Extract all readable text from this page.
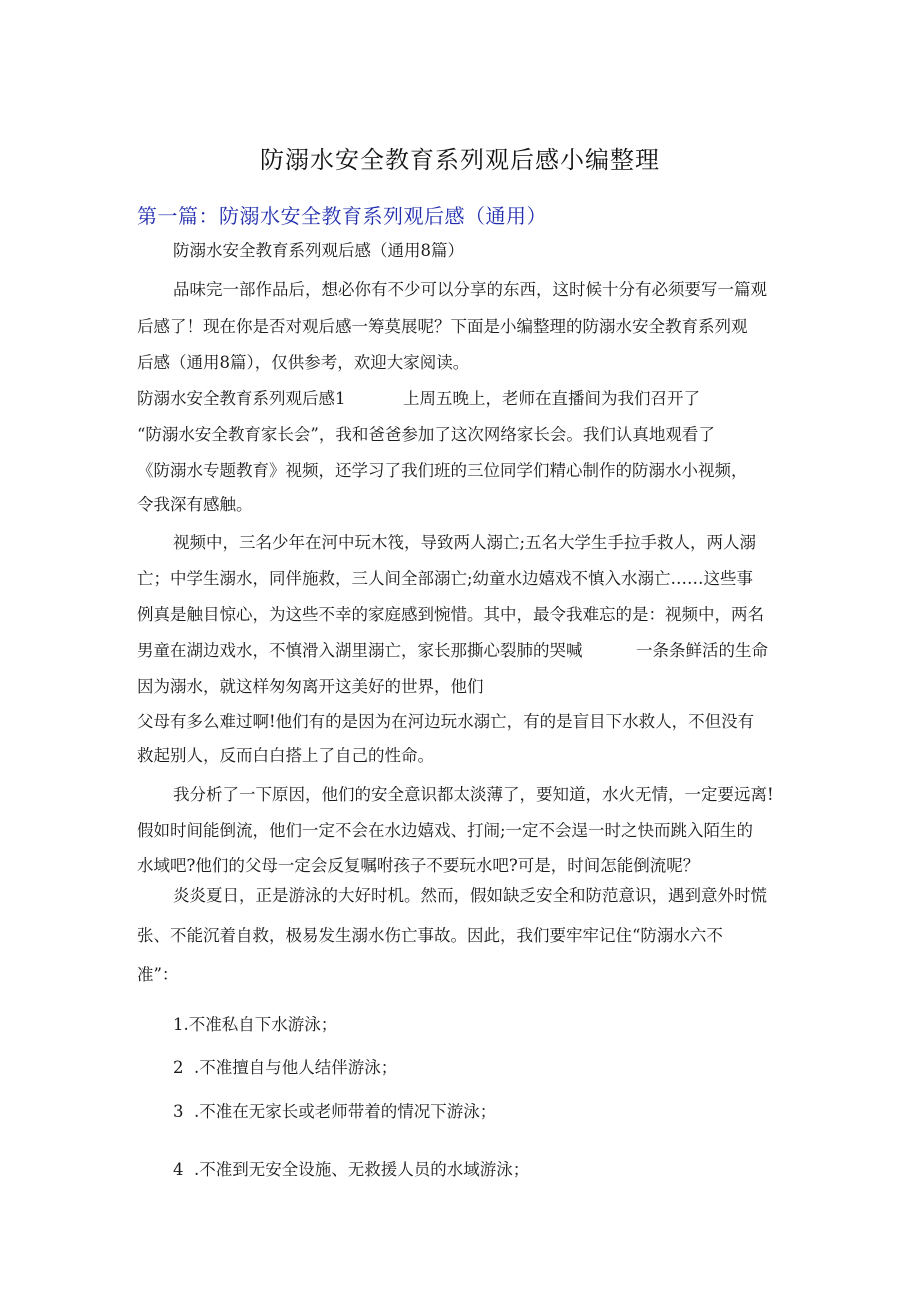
防溺水安全教育系列观后感小编整理
第一篇：防溺水安全教育系列观后感（通用）
防溺水安全教育系列观后感（通用8篇）
品味完一部作品后，想必你有不少可以分享的东西，这时候十分有必须要写一篇观
后感了！现在你是否对观后感一筹莫展呢？下面是小编整理的防溺水安全教育系列观
后感（通用8篇），仅供参考，欢迎大家阅读。
防溺水安全教育系列观后感1	上周五晚上，老师在直播间为我们召开了
“防溺水安全教育家长会”，我和爸爸参加了这次网络家长会。我们认真地观看了
《防溺水专题教育》视频，还学习了我们班的三位同学们精心制作的防溺水小视频，
令我深有感触。
视频中，三名少年在河中玩木筏，导致两人溺亡;五名大学生手拉手救人，两人溺
亡；中学生溺水，同伴施救，三人间全部溺亡;幼童水边嬉戏不慎入水溺亡……这些事
例真是触目惊心，为这些不幸的家庭感到惋惜。其中，最令我难忘的是：视频中，两名
男童在湖边戏水，不慎滑入湖里溺亡，家长那撕心裂肺的哭喊	一条条鲜活的生命
因为溺水，就这样匆匆离开这美好的世界，他们
父母有多么难过啊!他们有的是因为在河边玩水溺亡，有的是盲目下水救人，不但没有
救起别人，反而白白搭上了自己的性命。
我分析了一下原因，他们的安全意识都太淡薄了，要知道，水火无情，一定要远离!
假如时间能倒流，他们一定不会在水边嬉戏、打闹;一定不会逞一时之快而跳入陌生的
水域吧?他们的父母一定会反复嘱咐孩子不要玩水吧?可是，时间怎能倒流呢？
炎炎夏日，正是游泳的大好时机。然而，假如缺乏安全和防范意识，遇到意外时慌
张、不能沉着自救，极易发生溺水伤亡事故。因此，我们要牢牢记住“防溺水六不
准”：
1.不准私自下水游泳；
2  .不准擅自与他人结伴游泳；
3  .不准在无家长或老师带着的情况下游泳；
4  .不准到无安全设施、无救援人员的水域游泳；
